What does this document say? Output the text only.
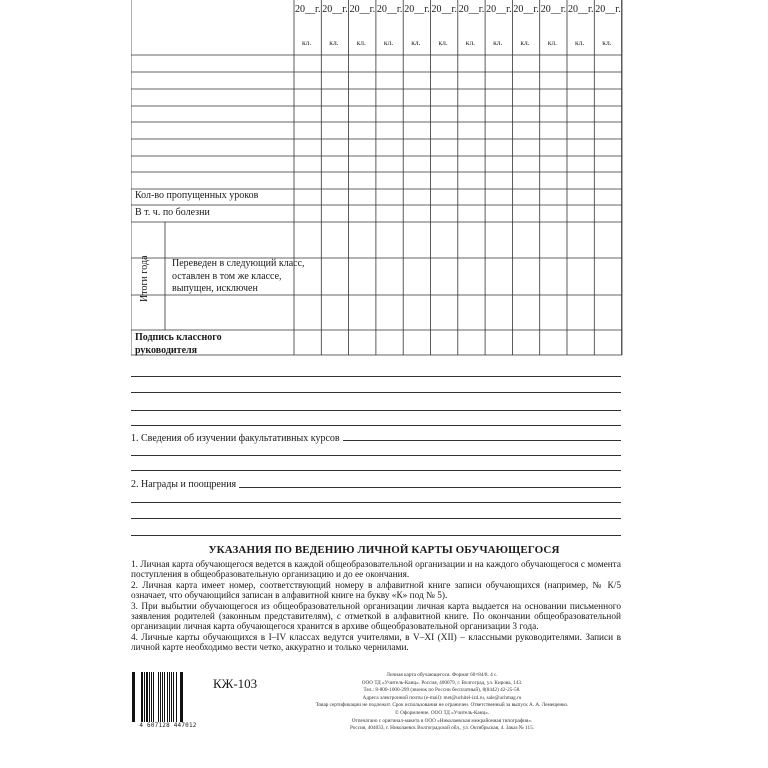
20__г.
кл.
20__г.
кл.
20__г.
кл.
20__г.
кл.
20__г.
кл.
20__г.
кл.
20__г.
кл.
20__г.
кл.
20__г.
кл.
20__г.
кл.
20__г.
кл.
20__г.
кл.
Кол-во пропущенных уроков
В т. ч. по болезни
Итоги года Переведен в следующий класс,
оставлен в том же классе,
выпущен, исключен
Подпись классного
руководителя
1. Сведения об изучении факультативных курсов
2. Награды и поощрения
УКАЗАНИЯ ПО ВЕДЕНИЮ ЛИЧНОЙ КАРТЫ ОБУЧАЮЩЕГОСЯ

1. Личная карта обучающегося ведется в каждой общеобразовательной организации и на каждого обучающегося с момента поступления в общеобразовательную организацию и до ее окончания.

2. Личная карта имеет номер, соответствующий номеру в алфавитной книге записи обучающихся (например, № К/5 означает, что обучающийся записан в алфавитной книге на букву «К» под № 5).

3. При выбытии обучающегося из общеобразовательной организации личная карта выдается на основании письменного заявления родителей (законным представителям), с отметкой в алфавитной книге. По окончании общеобразовательной организации личная карта обучающегося хранится в архиве общеобразовательной организации 3 года.

4. Личные карты обучающихся в I–IV классах ведутся учителями, в V–XI (XII) – классными руководителями. Записи в личной карте необходимо вести четко, аккуратно и только чернилами.

4 607128 447012
КЖ-103
Личная карта обучающегося. Формат 60×84/8. 4 с.
ООО ТД «Учитель-Канц». Россия, 400079, г. Волгоград, ул. Кирова, 143.
Тел.: 8-800-1000-299 (звонок по России бесплатный), 8(8442) 42-25-58.
Адреса электронной почты (e-mail): met@uchitel-izd.ru, sale@uchmag.ru
Товар сертификации не подлежит. Срок использования не ограничен. Ответственный за выпуск А. А. Лемещенко.
© Оформление. ООО ТД «Учитель-Канц».
Отпечатано с оригинал-макета в ООО «Николаевская межрайонная типография».
Россия, 404033, г. Николаевск Волгоградской обл., ул. Октябрьская, 4. Заказ № 115.
